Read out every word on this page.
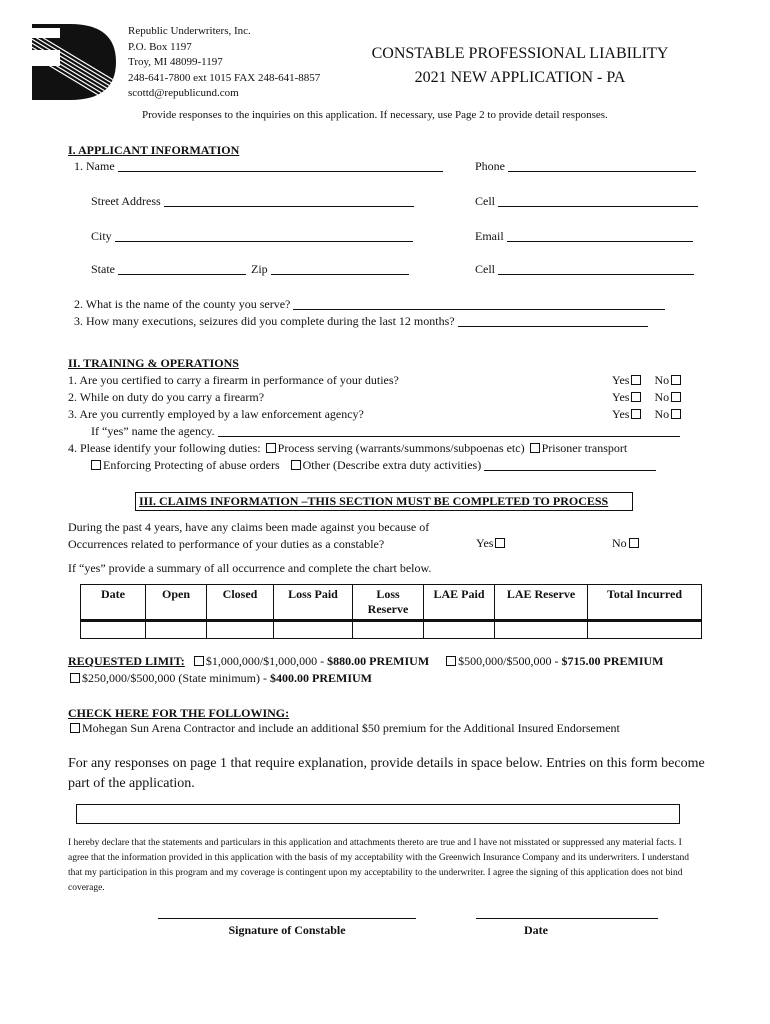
Republic Underwriters, Inc.
P.O. Box 1197
Troy, MI 48099-1197
248-641-7800 ext 1015 FAX 248-641-8857
scottd@republicund.com
CONSTABLE PROFESSIONAL LIABILITY
2021 NEW APPLICATION - PA
Provide responses to the inquiries on this application. If necessary, use Page 2 to provide detail responses.
I. APPLICANT INFORMATION
1. Name	Phone
Street Address	Cell
City	Email
State	Zip	Cell
2. What is the name of the county you serve?
3. How many executions, seizures did you complete during the last 12 months?
II. TRAINING & OPERATIONS
1. Are you certified to carry a firearm in performance of your duties?	Yes No
2. While on duty do you carry a firearm?	Yes No
3. Are you currently employed by a law enforcement agency?	Yes No
If “yes” name the agency.
4. Please identify your following duties: Process serving (warrants/summons/subpoenas etc) Prisoner transport
Enforcing Protecting of abuse orders Other (Describe extra duty activities)
III. CLAIMS INFORMATION –THIS SECTION MUST BE COMPLETED TO PROCESS
During the past 4 years, have any claims been made against you because of
Occurrences related to performance of your duties as a constable?	Yes	No
If “yes” provide a summary of all occurrence and complete the chart below.
Date	Open	Closed	Loss Paid	Loss Reserve	LAE Paid	LAE Reserve	Total Incurred

REQUESTED LIMIT: $1,000,000/$1,000,000 - $880.00 PREMIUM $500,000/$500,000 - $715.00 PREMIUM
$250,000/$500,000 (State minimum) - $400.00 PREMIUM
CHECK HERE FOR THE FOLLOWING:
Mohegan Sun Arena Contractor and include an additional $50 premium for the Additional Insured Endorsement
For any responses on page 1 that require explanation, provide details in space below. Entries on this form become part of the application.
I hereby declare that the statements and particulars in this application and attachments thereto are true and I have not misstated or suppressed any material facts. I agree that the information provided in this application with the basis of my acceptability with the Greenwich Insurance Company and its underwriters. I understand that my participation in this program and my coverage is contingent upon my acceptability to the underwriter. I agree the signing of this application does not bind coverage.
Signature of Constable	Date
